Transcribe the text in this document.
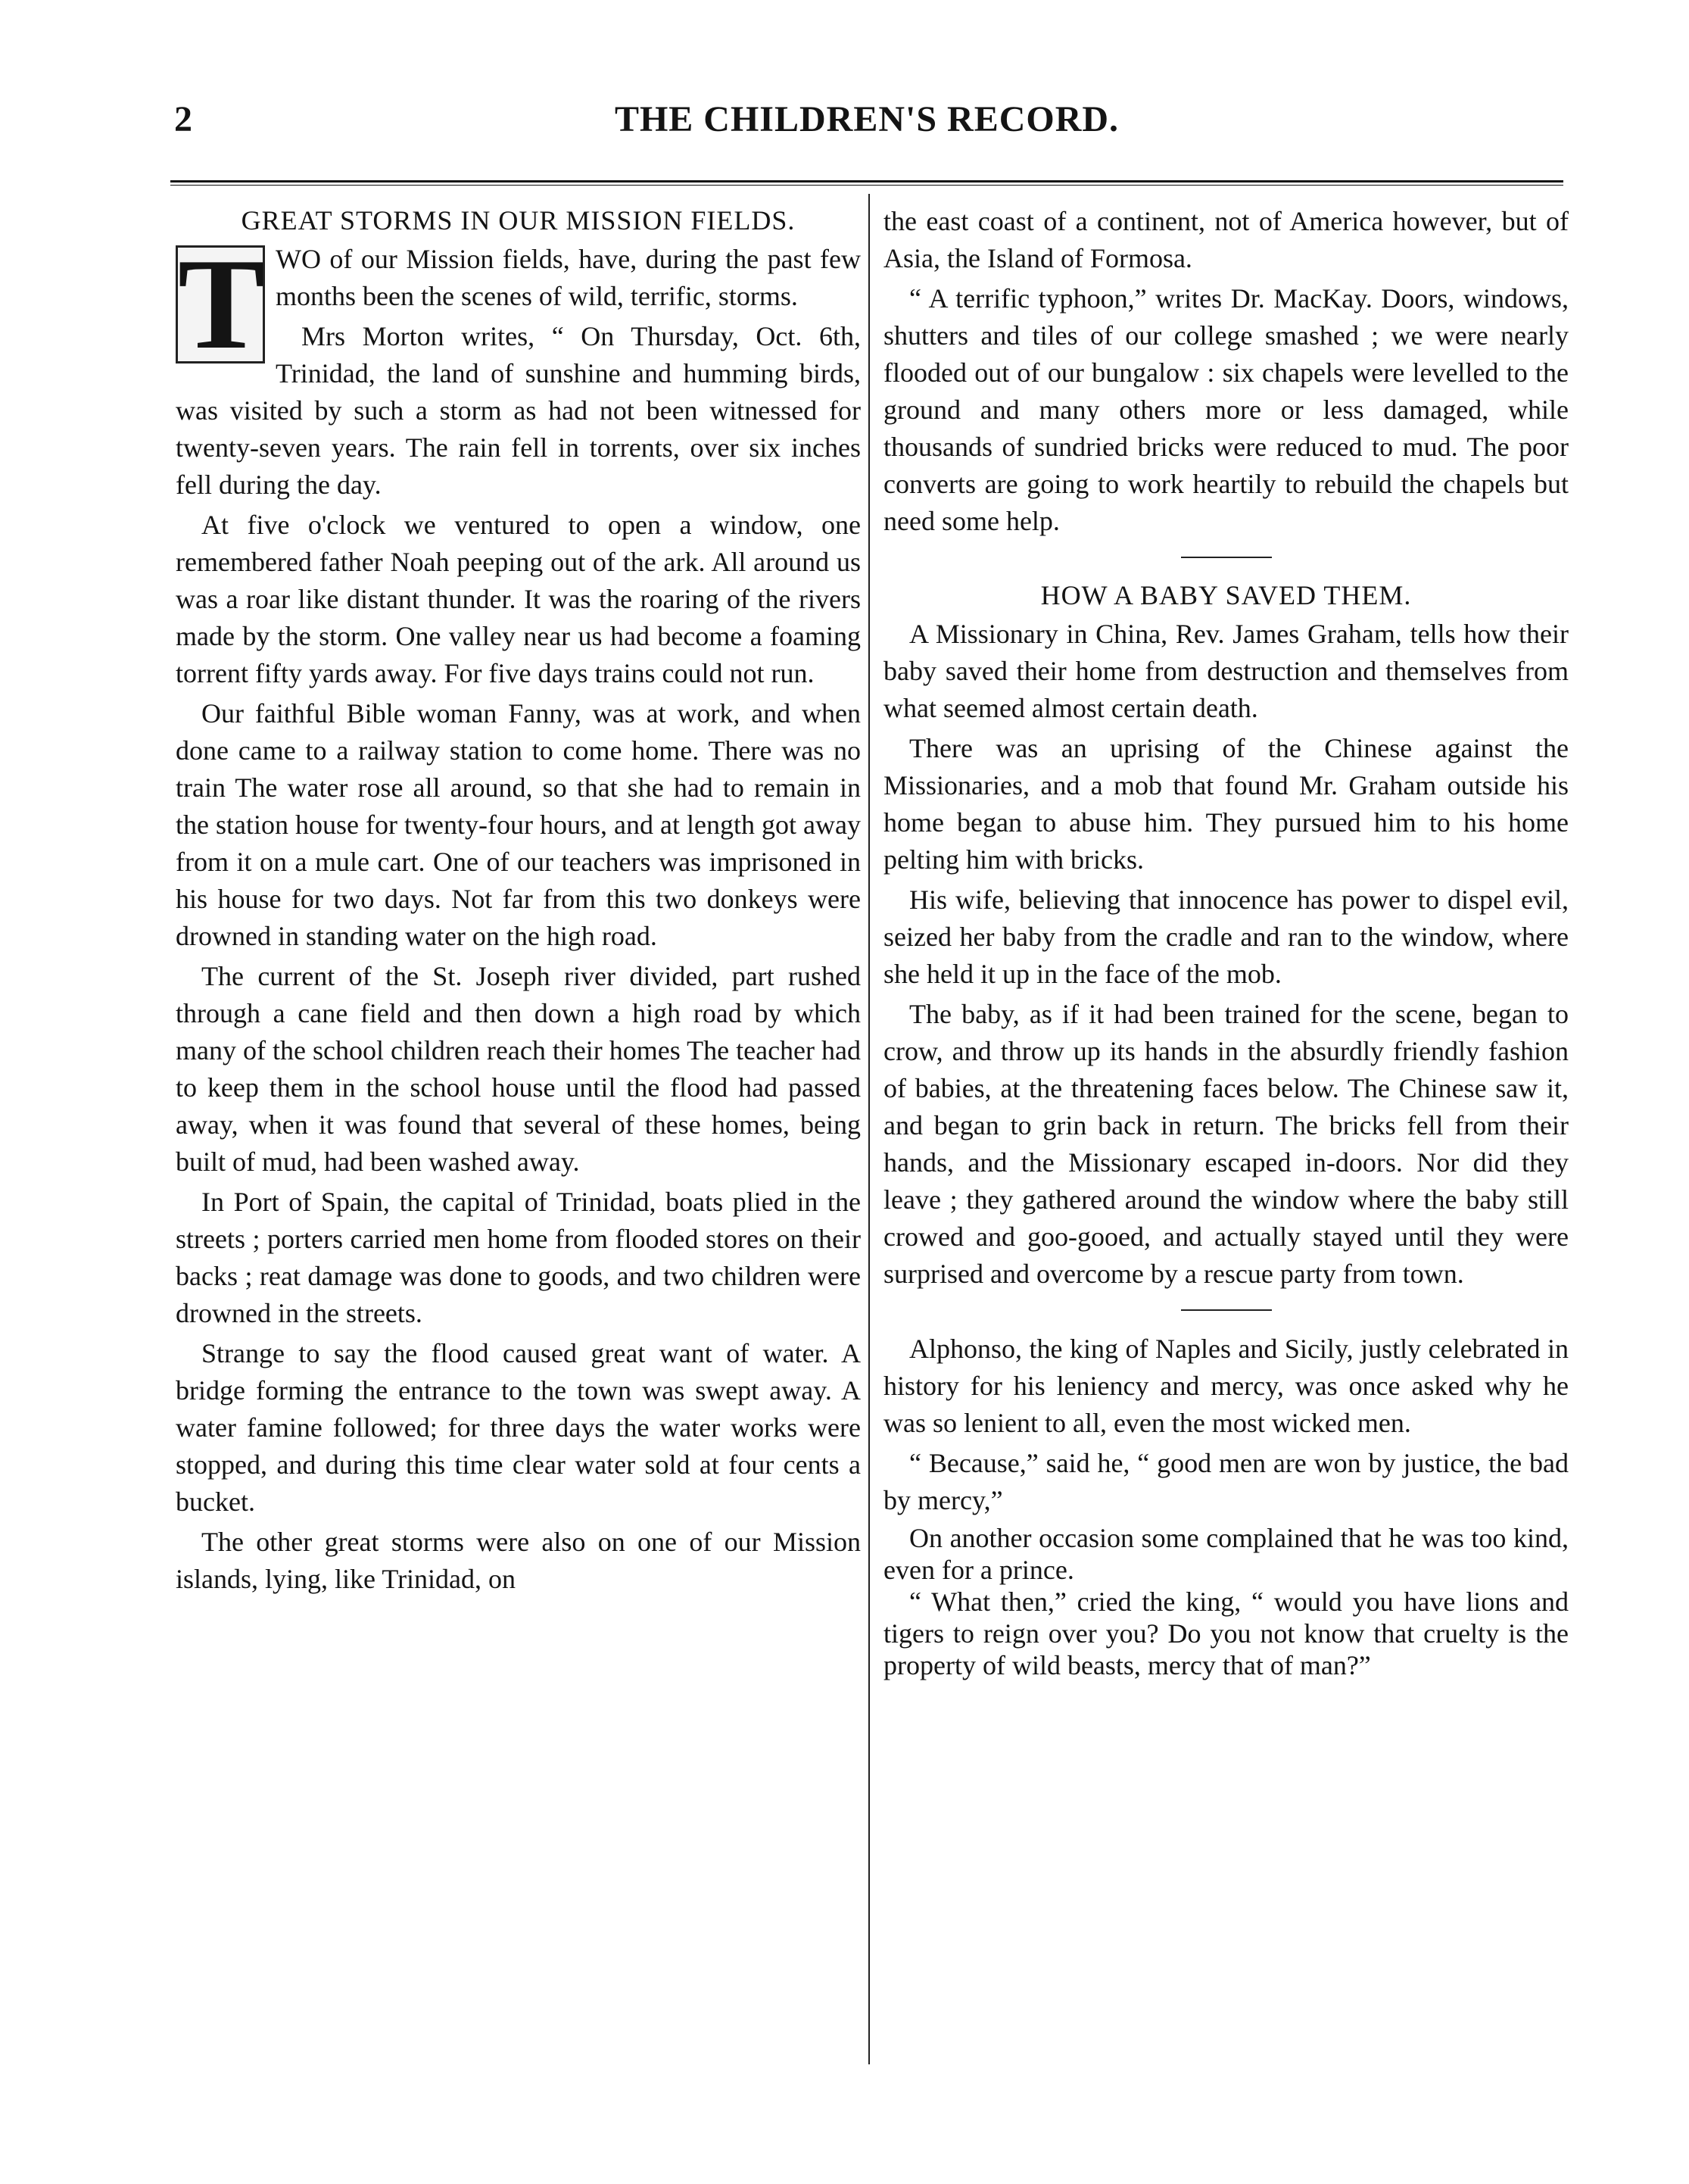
2	THE CHILDREN'S RECORD.
GREAT STORMS IN OUR MISSION FIELDS.

T WO of our Mission fields, have, during the past few months been the scenes of wild, terrific, storms.

Mrs Morton writes, “ On Thursday, Oct. 6th, Trinidad, the land of sunshine and humming birds, was visited by such a storm as had not been witnessed for twenty-seven years. The rain fell in torrents, over six inches fell during the day.

At five o'clock we ventured to open a window, one remembered father Noah peeping out of the ark. All around us was a roar like distant thunder. It was the roaring of the rivers made by the storm. One valley near us had become a foaming torrent fifty yards away. For five days trains could not run.

Our faithful Bible woman Fanny, was at work, and when done came to a railway station to come home. There was no train The water rose all around, so that she had to remain in the station house for twenty-four hours, and at length got away from it on a mule cart. One of our teachers was imprisoned in his house for two days. Not far from this two donkeys were drowned in standing water on the high road.

The current of the St. Joseph river divided, part rushed through a cane field and then down a high road by which many of the school children reach their homes The teacher had to keep them in the school house until the flood had passed away, when it was found that several of these homes, being built of mud, had been washed away.

In Port of Spain, the capital of Trinidad, boats plied in the streets ; porters carried men home from flooded stores on their backs ; reat damage was done to goods, and two children were drowned in the streets.

Strange to say the flood caused great want of water. A bridge forming the entrance to the town was swept away. A water famine followed; for three days the water works were stopped, and during this time clear water sold at four cents a bucket.

The other great storms were also on one of our Mission islands, lying, like Trinidad, on

the east coast of a continent, not of America however, but of Asia, the Island of Formosa.

“ A terrific typhoon,” writes Dr. MacKay. Doors, windows, shutters and tiles of our college smashed ; we were nearly flooded out of our bungalow : six chapels were levelled to the ground and many others more or less damaged, while thousands of sundried bricks were reduced to mud. The poor converts are going to work heartily to rebuild the chapels but need some help.

HOW A BABY SAVED THEM.

A Missionary in China, Rev. James Graham, tells how their baby saved their home from destruction and themselves from what seemed almost certain death.

There was an uprising of the Chinese against the Missionaries, and a mob that found Mr. Graham outside his home began to abuse him. They pursued him to his home pelting him with bricks.

His wife, believing that innocence has power to dispel evil, seized her baby from the cradle and ran to the window, where she held it up in the face of the mob.

The baby, as if it had been trained for the scene, began to crow, and throw up its hands in the absurdly friendly fashion of babies, at the threatening faces below. The Chinese saw it, and began to grin back in return. The bricks fell from their hands, and the Missionary escaped in-doors. Nor did they leave ; they gathered around the window where the baby still crowed and goo-gooed, and actually stayed until they were surprised and overcome by a rescue party from town.

Alphonso, the king of Naples and Sicily, justly celebrated in history for his leniency and mercy, was once asked why he was so lenient to all, even the most wicked men.

“ Because,” said he, “ good men are won by justice, the bad by mercy,”

On another occasion some complained that he was too kind, even for a prince.

“ What then,” cried the king, “ would you have lions and tigers to reign over you? Do you not know that cruelty is the property of wild beasts, mercy that of man?”
